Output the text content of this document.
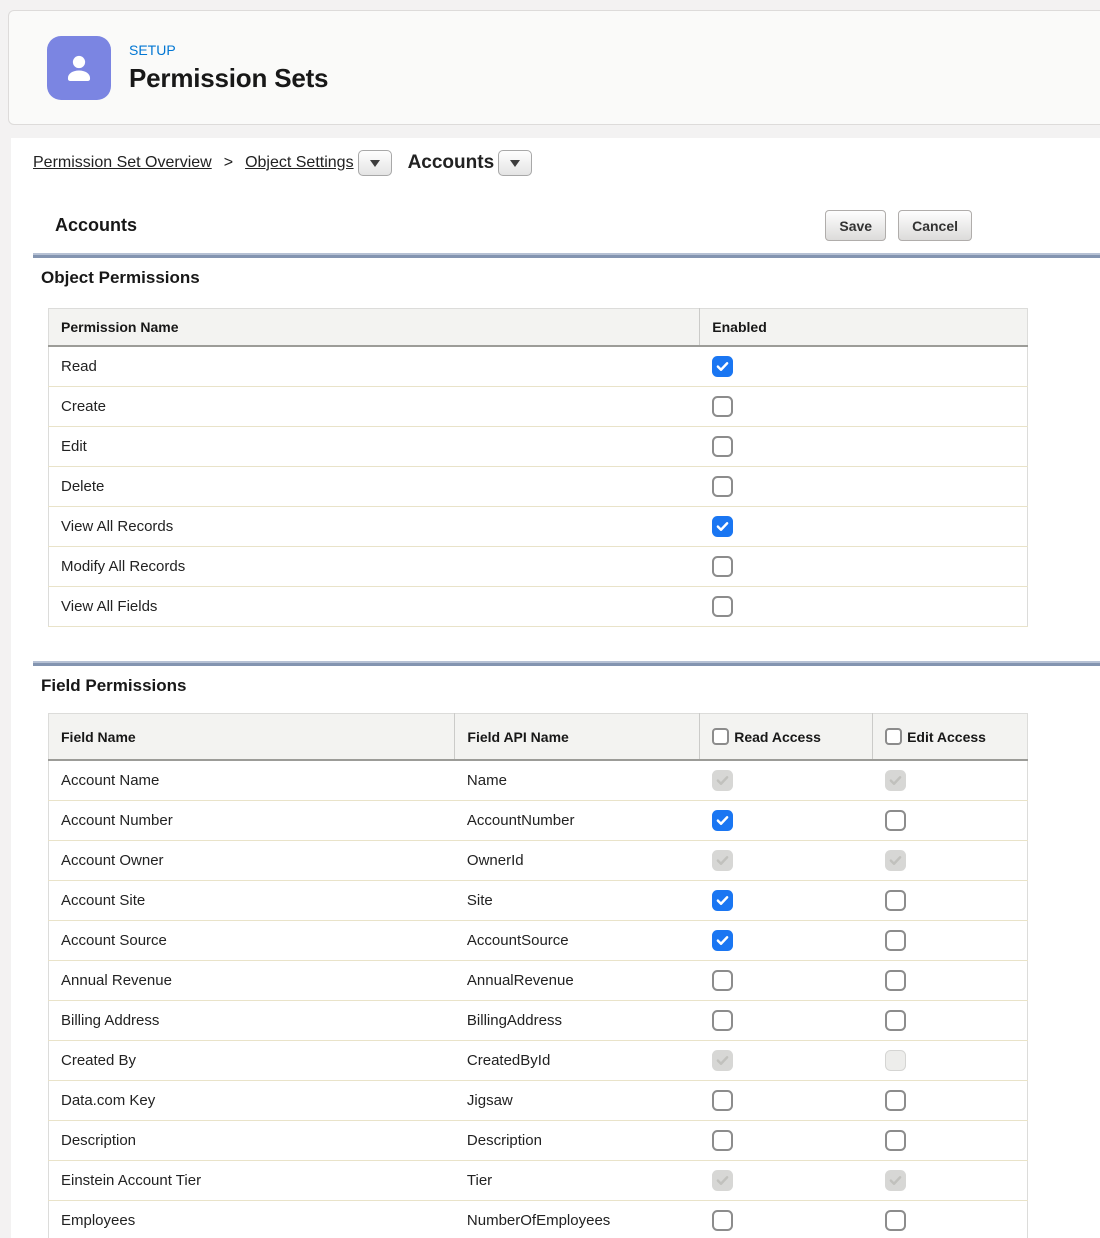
SETUP
Permission Sets
Permission Set Overview > Object Settings	Accounts
Accounts	Save	Cancel
Object Permissions
Permission Name	Enabled
Read	

Create	
Edit	
Delete	
View All Records	

Modify All Records	
View All Fields	
Field Permissions
Field Name	Field API Name	Read Access	Edit Access

Account Name	Name	

Account Number	AccountNumber	

Account Owner	OwnerId	

Account Site	Site	

Account Source	AccountSource	

Annual Revenue	AnnualRevenue		
Billing Address	BillingAddress		
Created By	CreatedById	

Data.com Key	Jigsaw		
Description	Description		
Einstein Account Tier	Tier	

Employees	NumberOfEmployees		
